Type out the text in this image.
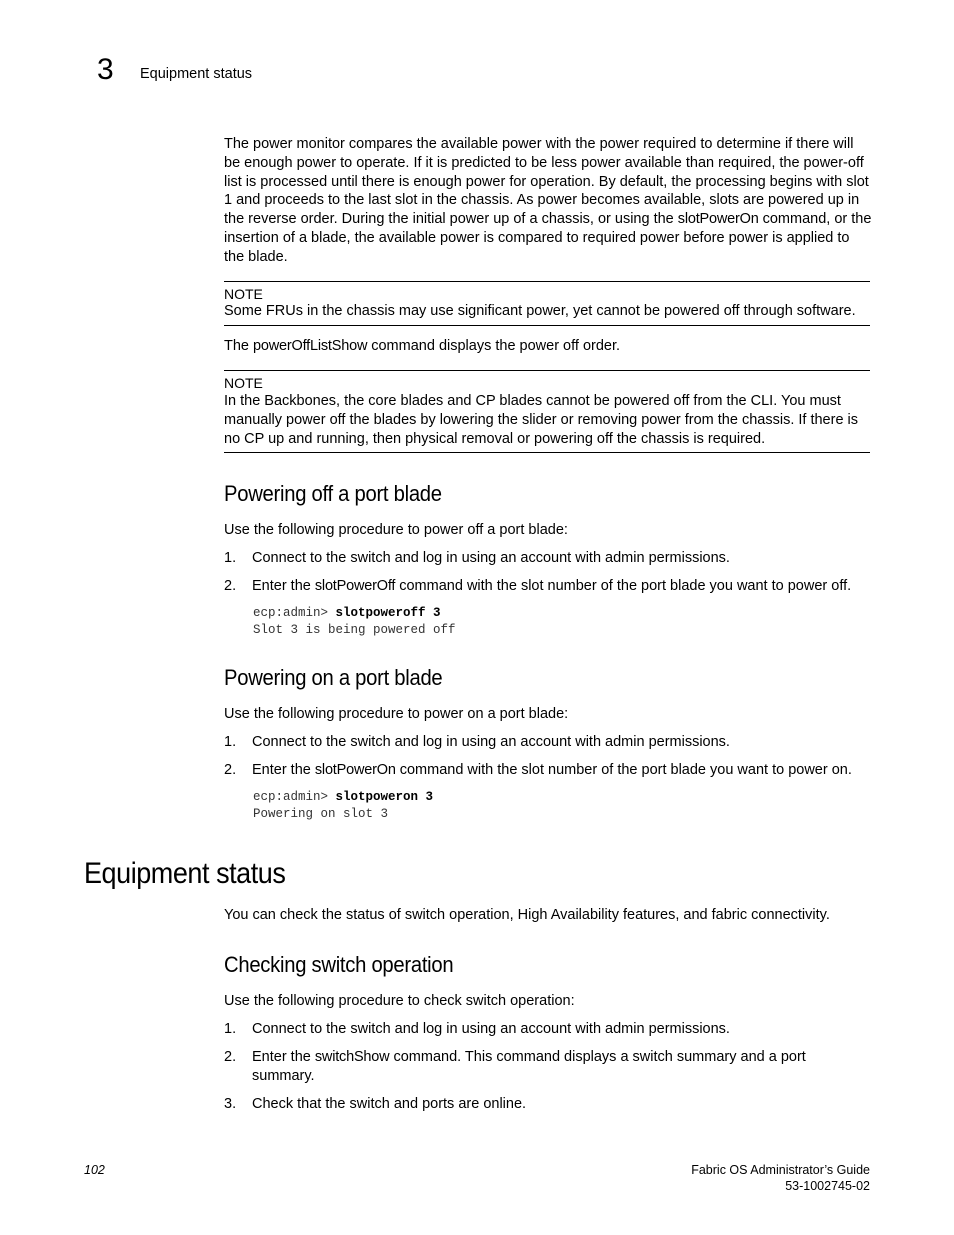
3 Equipment status
The power monitor compares the available power with the power required to determine if there will be enough power to operate. If it is predicted to be less power available than required, the power-off list is processed until there is enough power for operation. By default, the processing begins with slot 1 and proceeds to the last slot in the chassis. As power becomes available, slots are powered up in the reverse order. During the initial power up of a chassis, or using the slotPowerOn command, or the insertion of a blade, the available power is compared to required power before power is applied to the blade.
NOTE
Some FRUs in the chassis may use significant power, yet cannot be powered off through software.
The powerOffListShow command displays the power off order.
NOTE
In the Backbones, the core blades and CP blades cannot be powered off from the CLI. You must manually power off the blades by lowering the slider or removing power from the chassis. If there is no CP up and running, then physical removal or powering off the chassis is required.
Powering off a port blade
Use the following procedure to power off a port blade:
1. Connect to the switch and log in using an account with admin permissions.
2. Enter the slotPowerOff command with the slot number of the port blade you want to power off.
ecp:admin> slotpoweroff 3
Slot 3 is being powered off
Powering on a port blade
Use the following procedure to power on a port blade:
1. Connect to the switch and log in using an account with admin permissions.
2. Enter the slotPowerOn command with the slot number of the port blade you want to power on.
ecp:admin> slotpoweron 3
Powering on slot 3
Equipment status
You can check the status of switch operation, High Availability features, and fabric connectivity.
Checking switch operation
Use the following procedure to check switch operation:
1. Connect to the switch and log in using an account with admin permissions.
2. Enter the switchShow command. This command displays a switch summary and a port summary.
3. Check that the switch and ports are online.
102	Fabric OS Administrator’s Guide
53-1002745-02
